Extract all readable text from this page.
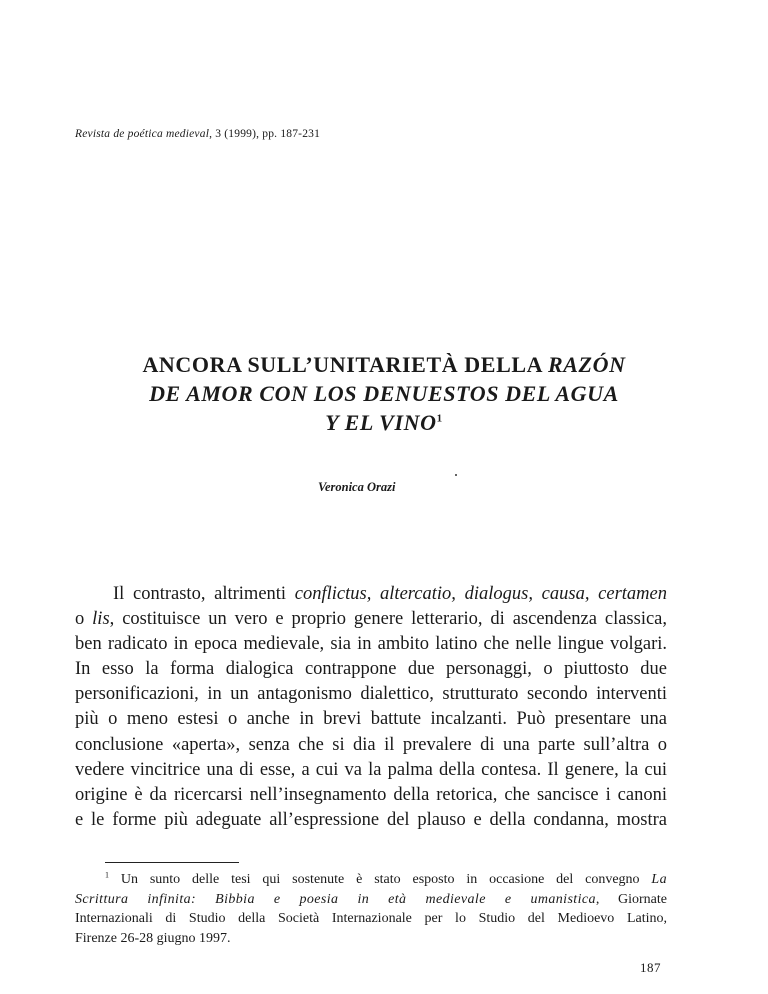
Revista de poética medieval, 3 (1999), pp. 187-231
ANCORA SULL’UNITARIETÀ DELLA RAZÓN
DE AMOR CON LOS DENUESTOS DEL AGUA
Y EL VINO$^1$
Veronica Orazi
Il contrasto, altrimenti conflictus, altercatio, dialogus, causa, certamen
o lis, costituisce un vero e proprio genere letterario, di ascendenza classica,
ben radicato in epoca medievale, sia in ambito latino che nelle lingue volgari.
In esso la forma dialogica contrappone due personaggi, o piuttosto due
personificazioni, in un antagonismo dialettico, strutturato secondo interventi
più o meno estesi o anche in brevi battute incalzanti. Può presentare una
conclusione «aperta», senza che si dia il prevalere di una parte sull’altra o
vedere vincitrice una di esse, a cui va la palma della contesa. Il genere, la cui
origine è da ricercarsi nell’insegnamento della retorica, che sancisce i canoni
e le forme più adeguate all’espressione del plauso e della condanna, mostra
$^1$ Un sunto delle tesi qui sostenute è stato esposto in occasione del convegno La
Scrittura infinita: Bibbia e poesia in età medievale e umanistica, Giornate
Internazionali di Studio della Società Internazionale per lo Studio del Medioevo Latino,
Firenze 26-28 giugno 1997.
187
